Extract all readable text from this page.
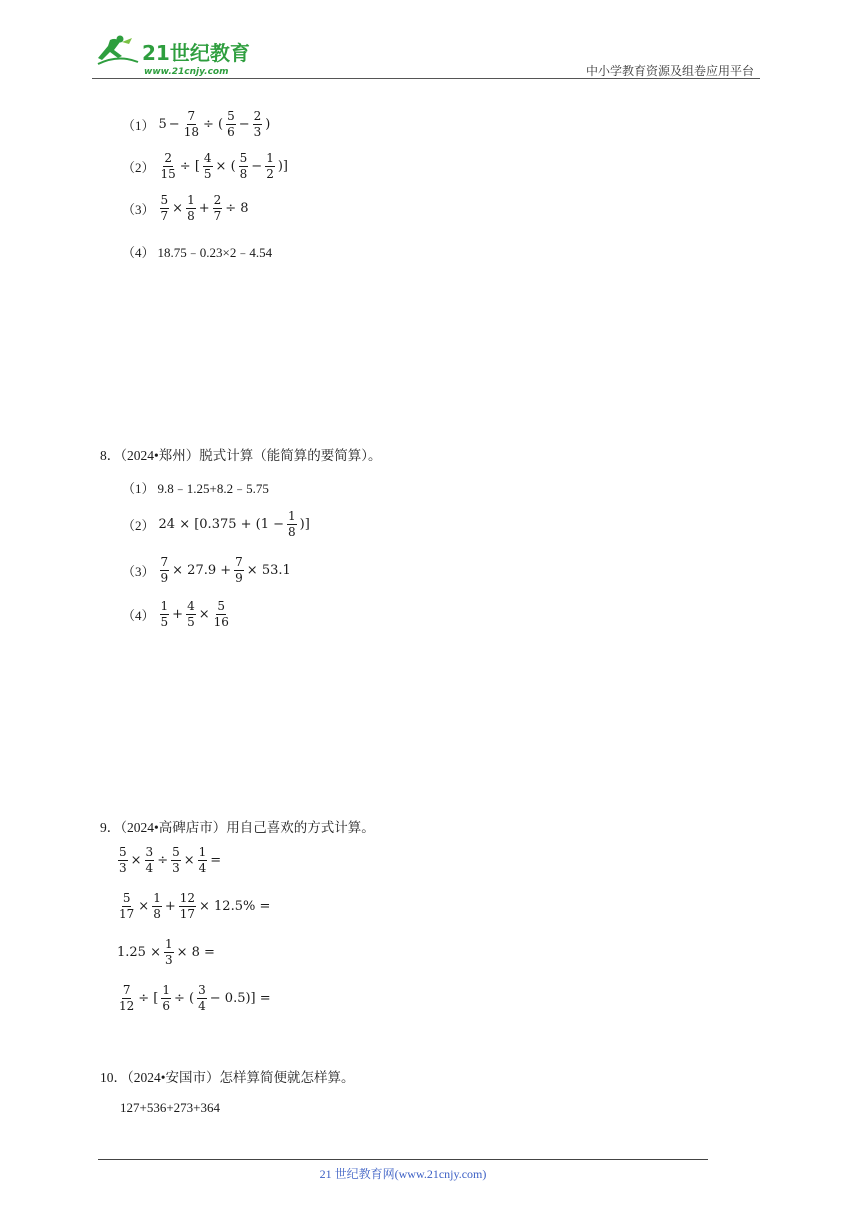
21世纪教育
www.21cnjy.com	中小学教育资源及组卷应用平台
（1） $5 - \frac{7}{18}$ ÷ ( $\frac{5}{6} - \frac{2}{3}$ )
$(2) \frac{2}{15}$ ÷ [ $\frac{4}{5}$ × ( $\frac{5}{8} - \frac{1}{2}$ )]
$(3) \frac{5}{7} \times \frac{1}{8} + \frac{2}{7} \div 8$
（4） 18.75﹣0.23×2﹣4.54
8．（2024•郑州）脱式计算（能简算的要简算）。
（1） 9.8﹣1.25+8.2﹣5.75
（2） $24 \times [0.375 + (1 - \frac{1}{8}$ )]
$(3) \frac{7}{9} \times 27.9 + \frac{7}{9} \times 53.1$
$(4) \frac{1}{5} + \frac{4}{5} \times \frac{5}{16}$
9．（2024•高碑店市）用自己喜欢的方式计算。
$\frac{5}{3} \times \frac{3}{4} \div \frac{5}{3} \times \frac{1}{4}$ =
$\frac{5}{17} \times \frac{1}{8} + \frac{12}{17} \times 12.5\%$ =
$1.25 \times \frac{1}{3} \times 8$ =
$\frac{7}{12}$ ÷ [ $\frac{1}{6}$ ÷ ( $\frac{3}{4} - 0.5$)] =
10．（2024•安国市）怎样算简便就怎样算。
127+536+273+364
21 世纪教育网(www.21cnjy.com)
